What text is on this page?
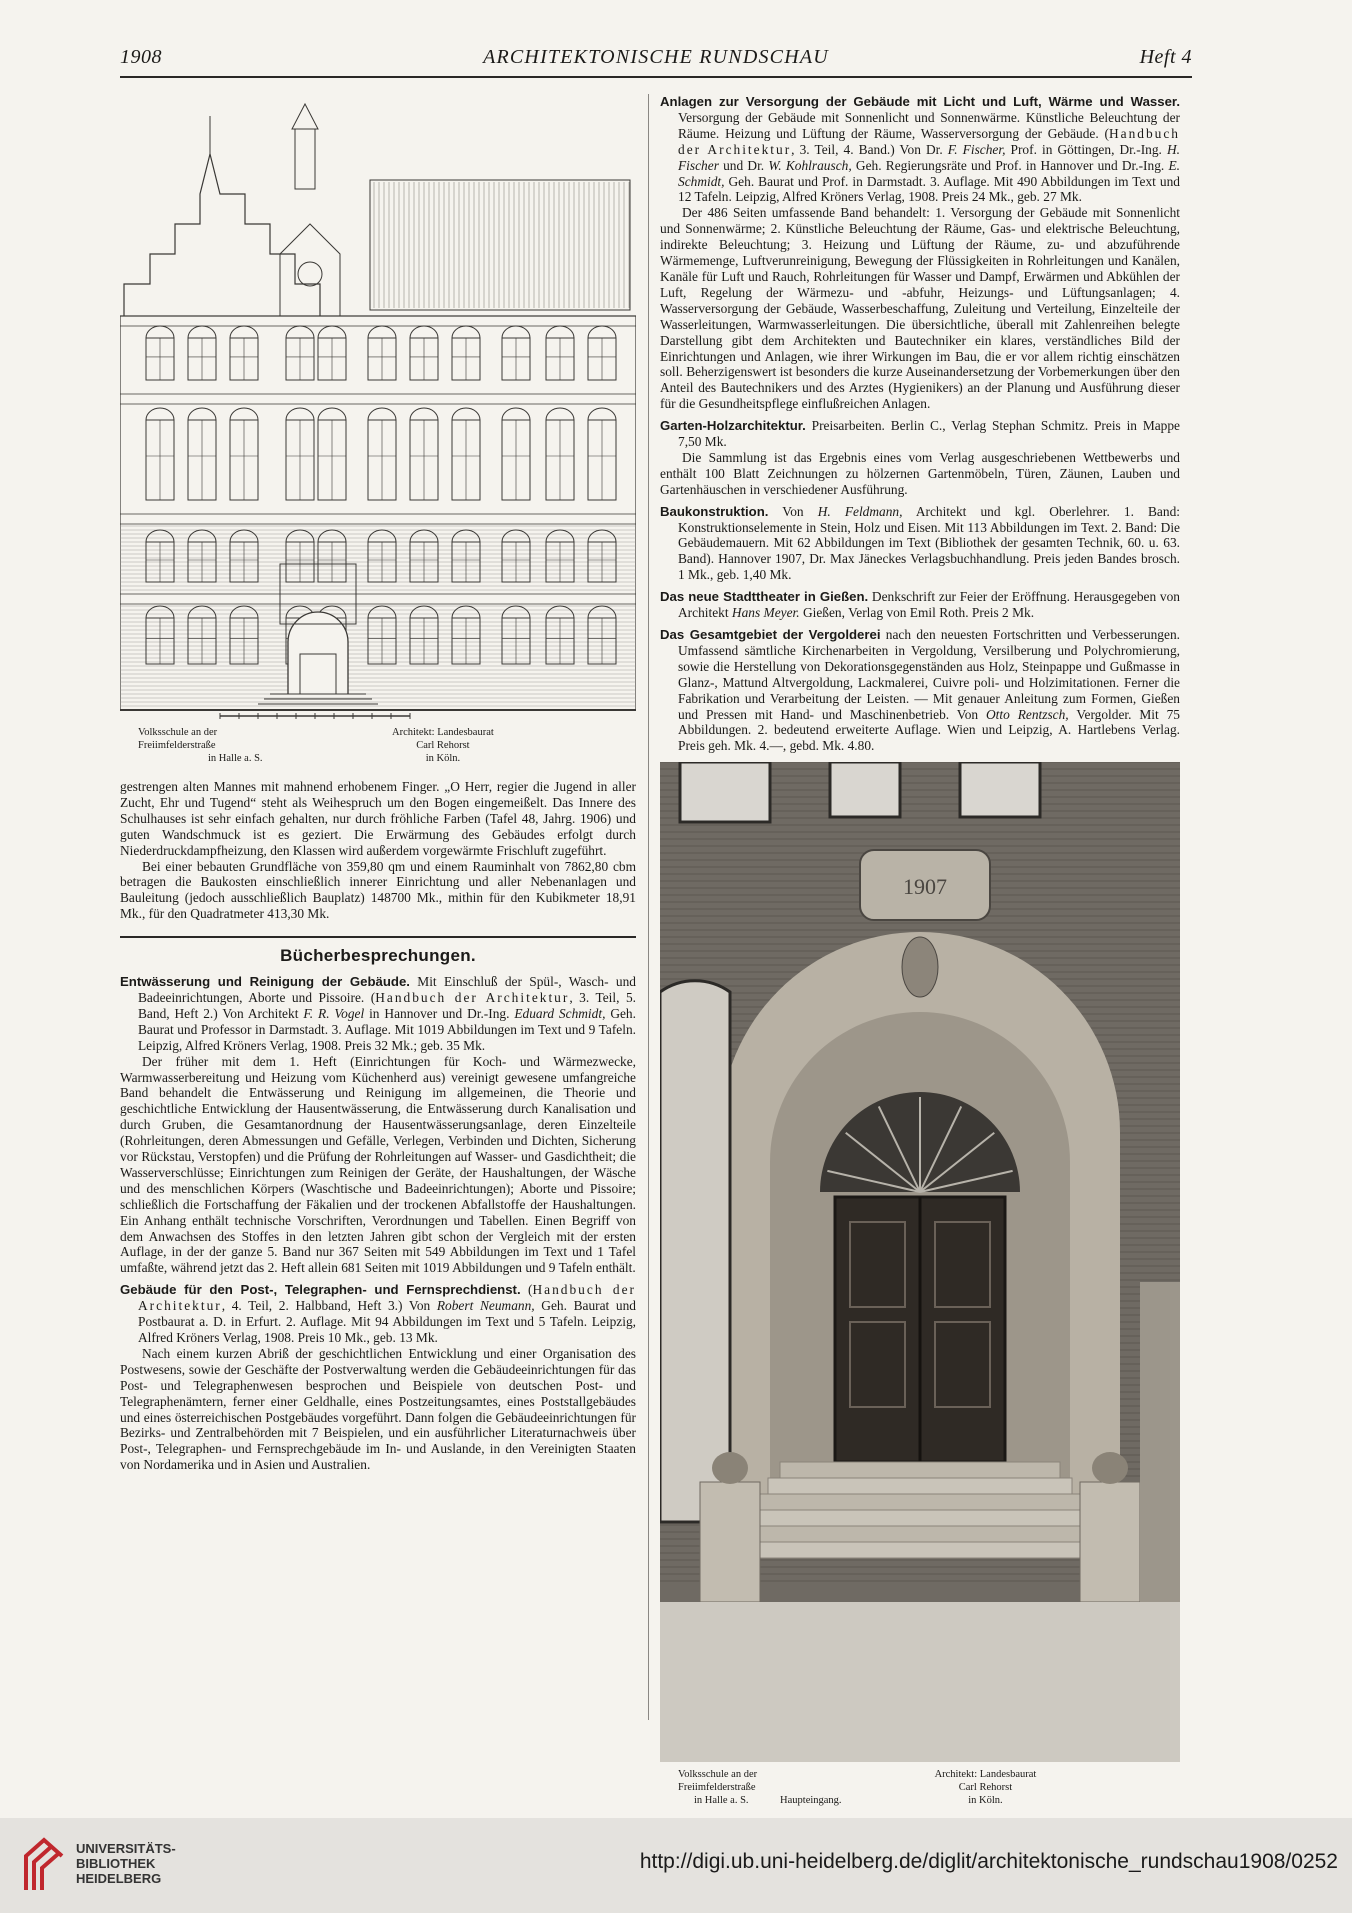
1908	ARCHITEKTONISCHE RUNDSCHAU	Heft 4
Volksschule an der Freiimfelderstraße
in Halle a. S.
Architekt: Landesbaurat Carl Rehorst
in Köln.

gestrengen alten Mannes mit mahnend erhobenem Finger. „O Herr, regier die Jugend in aller Zucht, Ehr und Tugend“ steht als Weihespruch um den Bogen eingemeißelt. Das Innere des Schulhauses ist sehr einfach gehalten, nur durch fröhliche Farben (Tafel 48, Jahrg. 1906) und guten Wandschmuck ist es geziert. Die Erwärmung des Gebäudes erfolgt durch Niederdruckdampfheizung, den Klassen wird außerdem vorgewärmte Frischluft zugeführt.

Bei einer bebauten Grundfläche von 359,80 qm und einem Rauminhalt von 7862,80 cbm betragen die Baukosten einschließlich innerer Einrichtung und aller Nebenanlagen und Bauleitung (jedoch ausschließlich Bauplatz) 148700 Mk., mithin für den Kubikmeter 18,91 Mk., für den Quadratmeter 413,30 Mk.

Bücherbesprechungen.

Entwässerung und Reinigung der Gebäude. Mit Einschluß der Spül-, Wasch- und Badeeinrichtungen, Aborte und Pissoire. (Handbuch der Architektur, 3. Teil, 5. Band, Heft 2.) Von Architekt F. R. Vogel in Hannover und Dr.-Ing. Eduard Schmidt, Geh. Baurat und Professor in Darmstadt. 3. Auflage. Mit 1019 Abbildungen im Text und 9 Tafeln. Leipzig, Alfred Kröners Verlag, 1908. Preis 32 Mk.; geb. 35 Mk.

Der früher mit dem 1. Heft (Einrichtungen für Koch- und Wärmezwecke, Warmwasserbereitung und Heizung vom Küchenherd aus) vereinigt gewesene umfangreiche Band behandelt die Entwässerung und Reinigung im allgemeinen, die Theorie und geschichtliche Entwicklung der Hausentwässerung, die Entwässerung durch Kanalisation und durch Gruben, die Gesamtanordnung der Hausentwässerungsanlage, deren Einzelteile (Rohrleitungen, deren Abmessungen und Gefälle, Verlegen, Verbinden und Dichten, Sicherung vor Rückstau, Verstopfen) und die Prüfung der Rohrleitungen auf Wasser- und Gasdichtheit; die Wasserverschlüsse; Einrichtungen zum Reinigen der Geräte, der Haushaltungen, der Wäsche und des menschlichen Körpers (Waschtische und Badeeinrichtungen); Aborte und Pissoire; schließlich die Fortschaffung der Fäkalien und der trockenen Abfallstoffe der Haushaltungen. Ein Anhang enthält technische Vorschriften, Verordnungen und Tabellen. Einen Begriff von dem Anwachsen des Stoffes in den letzten Jahren gibt schon der Vergleich mit der ersten Auflage, in der der ganze 5. Band nur 367 Seiten mit 549 Abbildungen im Text und 1 Tafel umfaßte, während jetzt das 2. Heft allein 681 Seiten mit 1019 Abbildungen und 9 Tafeln enthält.

Gebäude für den Post-, Telegraphen- und Fernsprechdienst. (Handbuch der Architektur, 4. Teil, 2. Halbband, Heft 3.) Von Robert Neumann, Geh. Baurat und Postbaurat a. D. in Erfurt. 2. Auflage. Mit 94 Abbildungen im Text und 5 Tafeln. Leipzig, Alfred Kröners Verlag, 1908. Preis 10 Mk., geb. 13 Mk.

Nach einem kurzen Abriß der geschichtlichen Entwicklung und einer Organisation des Postwesens, sowie der Geschäfte der Postverwaltung werden die Gebäudeeinrichtungen für das Post- und Telegraphenwesen besprochen und Beispiele von deutschen Post- und Telegraphenämtern, ferner einer Geldhalle, eines Postzeitungsamtes, eines Poststallgebäudes und eines österreichischen Postgebäudes vorgeführt. Dann folgen die Gebäudeeinrichtungen für Bezirks- und Zentralbehörden mit 7 Beispielen, und ein ausführlicher Literaturnachweis über Post-, Telegraphen- und Fernsprechgebäude im In- und Auslande, in den Vereinigten Staaten von Nordamerika und in Asien und Australien.

Anlagen zur Versorgung der Gebäude mit Licht und Luft, Wärme und Wasser. Versorgung der Gebäude mit Sonnenlicht und Sonnenwärme. Künstliche Beleuchtung der Räume. Heizung und Lüftung der Räume, Wasserversorgung der Gebäude. (Handbuch der Architektur, 3. Teil, 4. Band.) Von Dr. F. Fischer, Prof. in Göttingen, Dr.-Ing. H. Fischer und Dr. W. Kohlrausch, Geh. Regierungsräte und Prof. in Hannover und Dr.-Ing. E. Schmidt, Geh. Baurat und Prof. in Darmstadt. 3. Auflage. Mit 490 Abbildungen im Text und 12 Tafeln. Leipzig, Alfred Kröners Verlag, 1908. Preis 24 Mk., geb. 27 Mk.

Der 486 Seiten umfassende Band behandelt: 1. Versorgung der Gebäude mit Sonnenlicht und Sonnenwärme; 2. Künstliche Beleuchtung der Räume, Gas- und elektrische Beleuchtung, indirekte Beleuchtung; 3. Heizung und Lüftung der Räume, zu- und abzuführende Wärmemenge, Luftverunreinigung, Bewegung der Flüssigkeiten in Rohrleitungen und Kanälen, Kanäle für Luft und Rauch, Rohrleitungen für Wasser und Dampf, Erwärmen und Abkühlen der Luft, Regelung der Wärmezu- und -abfuhr, Heizungs- und Lüftungsanlagen; 4. Wasserversorgung der Gebäude, Wasserbeschaffung, Zuleitung und Verteilung, Einzelteile der Wasserleitungen, Warmwasserleitungen. Die übersichtliche, überall mit Zahlenreihen belegte Darstellung gibt dem Architekten und Bautechniker ein klares, verständliches Bild der Einrichtungen und Anlagen, wie ihrer Wirkungen im Bau, die er vor allem richtig einschätzen soll. Beherzigenswert ist besonders die kurze Auseinandersetzung der Vorbemerkungen über den Anteil des Bautechnikers und des Arztes (Hygienikers) an der Planung und Ausführung dieser für die Gesundheitspflege einflußreichen Anlagen.

Garten-Holzarchitektur. Preisarbeiten. Berlin C., Verlag Stephan Schmitz. Preis in Mappe 7,50 Mk.

Die Sammlung ist das Ergebnis eines vom Verlag ausgeschriebenen Wettbewerbs und enthält 100 Blatt Zeichnungen zu hölzernen Gartenmöbeln, Türen, Zäunen, Lauben und Gartenhäuschen in verschiedener Ausführung.

Baukonstruktion. Von H. Feldmann, Architekt und kgl. Oberlehrer. 1. Band: Konstruktionselemente in Stein, Holz und Eisen. Mit 113 Abbildungen im Text. 2. Band: Die Gebäudemauern. Mit 62 Abbildungen im Text (Bibliothek der gesamten Technik, 60. u. 63. Band). Hannover 1907, Dr. Max Jäneckes Verlagsbuchhandlung. Preis jeden Bandes brosch. 1 Mk., geb. 1,40 Mk.

Das neue Stadttheater in Gießen. Denkschrift zur Feier der Eröffnung. Herausgegeben von Architekt Hans Meyer. Gießen, Verlag von Emil Roth. Preis 2 Mk.

Das Gesamtgebiet der Vergolderei nach den neuesten Fortschritten und Verbesserungen. Umfassend sämtliche Kirchenarbeiten in Vergoldung, Versilberung und Polychromierung, sowie die Herstellung von Dekorationsgegenständen aus Holz, Steinpappe und Gußmasse in Glanz-, Mattund Altvergoldung, Lackmalerei, Cuivre poli- und Holzimitationen. Ferner die Fabrikation und Verarbeitung der Leisten. — Mit genauer Anleitung zum Formen, Gießen und Pressen mit Hand- und Maschinenbetrieb. Von Otto Rentzsch, Vergolder. Mit 75 Abbildungen. 2. bedeutend erweiterte Auflage. Wien und Leipzig, A. Hartlebens Verlag. Preis geh. Mk. 4.—, gebd. Mk. 4.80.

1907
Volksschule an der Freiimfelderstraße
in Halle a. S.            Haupteingang.
Architekt: Landesbaurat Carl Rehorst
in Köln.
UNIVERSITÄTS-
BIBLIOTHEK
HEIDELBERG
http://digi.ub.uni-heidelberg.de/diglit/architektonische_rundschau1908/0252
